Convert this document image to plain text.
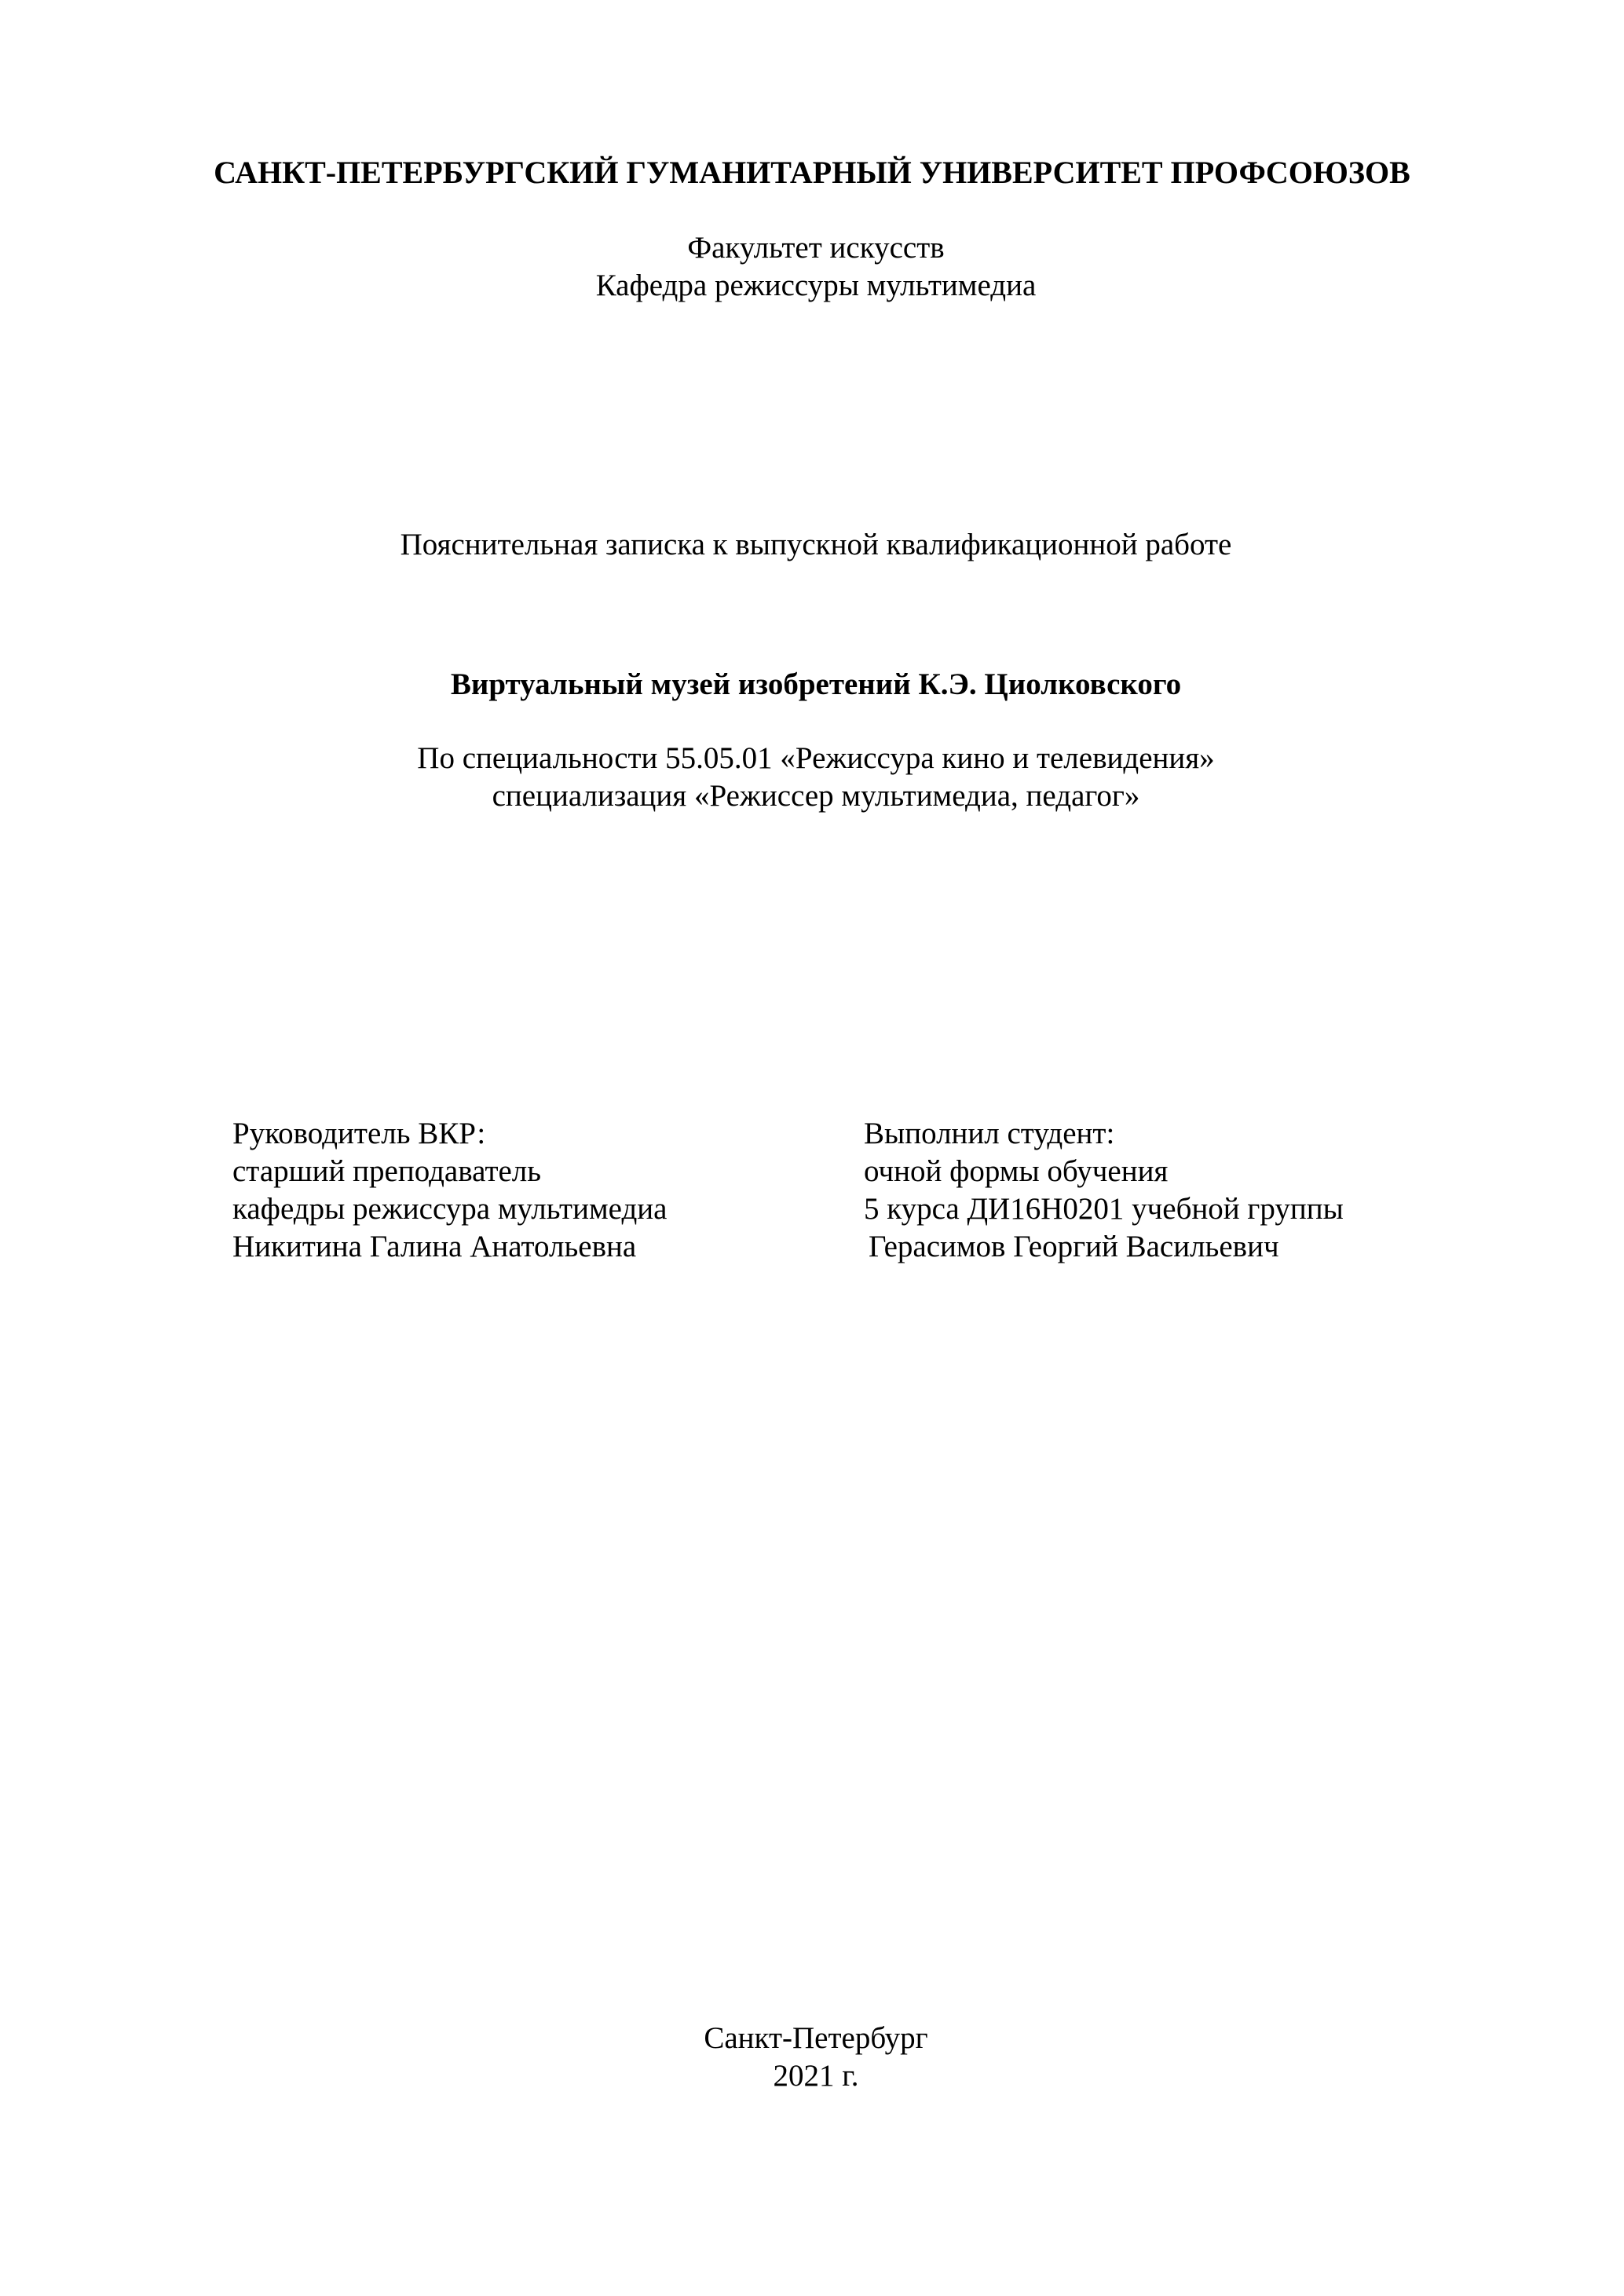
САНКТ-ПЕТЕРБУРГСКИЙ ГУМАНИТАРНЫЙ УНИВЕРСИТЕТ ПРОФСОЮЗОВ
Факультет искусств
Кафедра режиссуры мультимедиа
Пояснительная записка к выпускной квалификационной работе
Виртуальный музей изобретений К.Э. Циолковского
По специальности 55.05.01 «Режиссура кино и телевидения»
специализация «Режиссер мультимедиа, педагог»
Руководитель ВКР:
старший преподаватель
кафедры режиссура мультимедиа
Никитина Галина Анатольевна
Выполнил студент:
очной формы обучения
5 курса ДИ16Н0201 учебной группы
Герасимов Георгий Васильевич
Санкт-Петербург
2021 г.
